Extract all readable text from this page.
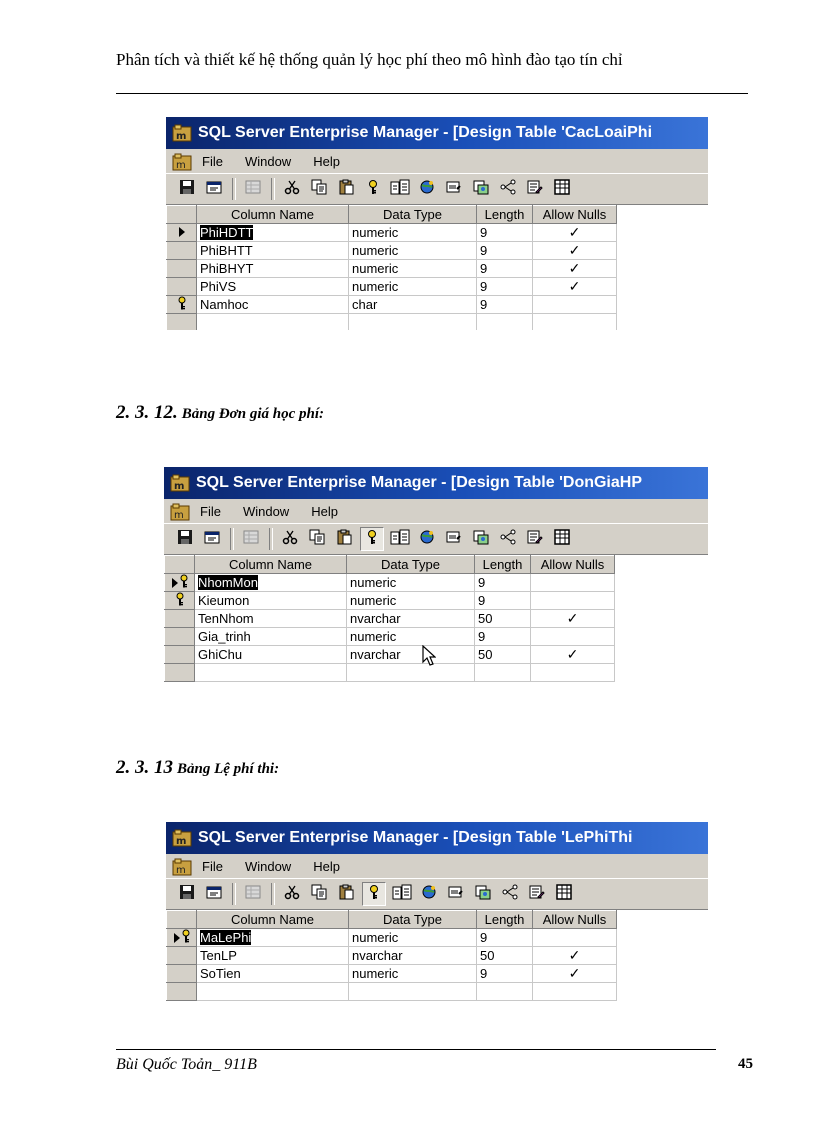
Phân tích và thiết kế hệ thống quản lý học phí theo mô hình đào tạo tín chỉ
m SQL Server Enterprise Manager - [Design Table 'CacLoaiPhi
m File Window Help
	Column Name	Data Type	Length	Allow Nulls
	PhiHDTT	numeric	9	✓
	PhiBHTT	numeric	9	✓
	PhiBHYT	numeric	9	✓
	PhiVS	numeric	9	✓
	Namhoc	char	9	

2. 3. 12. Bảng Đơn giá học phí:
m SQL Server Enterprise Manager - [Design Table 'DonGiaHP
m File Window Help
	Column Name	Data Type	Length	Allow Nulls
	NhomMon	numeric	9	
	Kieumon	numeric	9	
	TenNhom	nvarchar	50	✓
	Gia_trinh	numeric	9	
	GhiChu	nvarchar	50	✓

2. 3. 13 Bảng Lệ phí thi:
m SQL Server Enterprise Manager - [Design Table 'LePhiThi
m File Window Help
	Column Name	Data Type	Length	Allow Nulls
	MaLePhi	numeric	9	
	TenLP	nvarchar	50	✓
	SoTien	numeric	9	✓

Bùi Quốc Toản_ 911B	45
